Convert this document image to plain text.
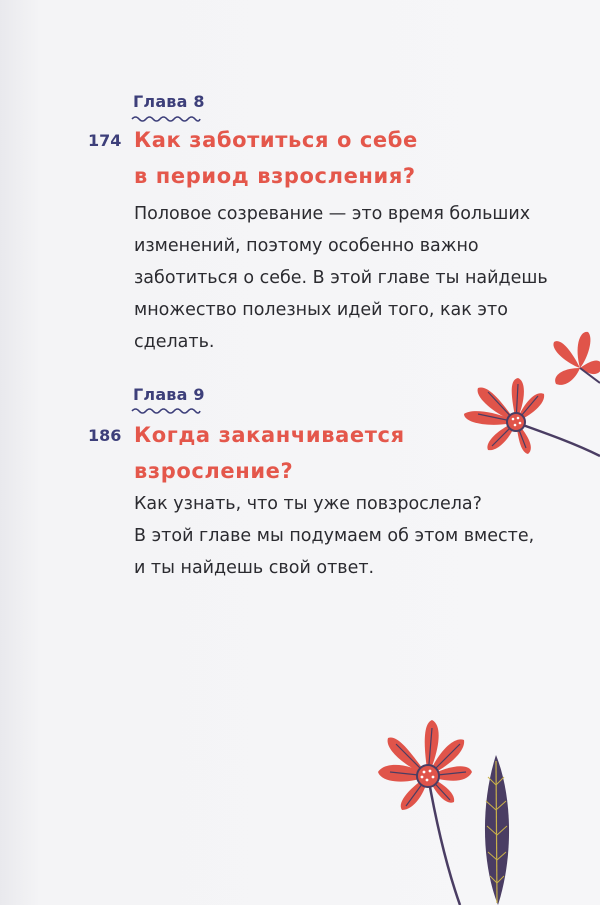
Глава 8
174 Как заботиться о себе
в период взросления?
Половое созревание — это время больших
изменений, поэтому особенно важно
заботиться о себе. В этой главе ты найдешь
множество полезных идей того, как это
сделать.
Глава 9
186 Когда заканчивается
взросление?
Как узнать, что ты уже повзрослела?
В этой главе мы подумаем об этом вместе,
и ты найдешь свой ответ.
